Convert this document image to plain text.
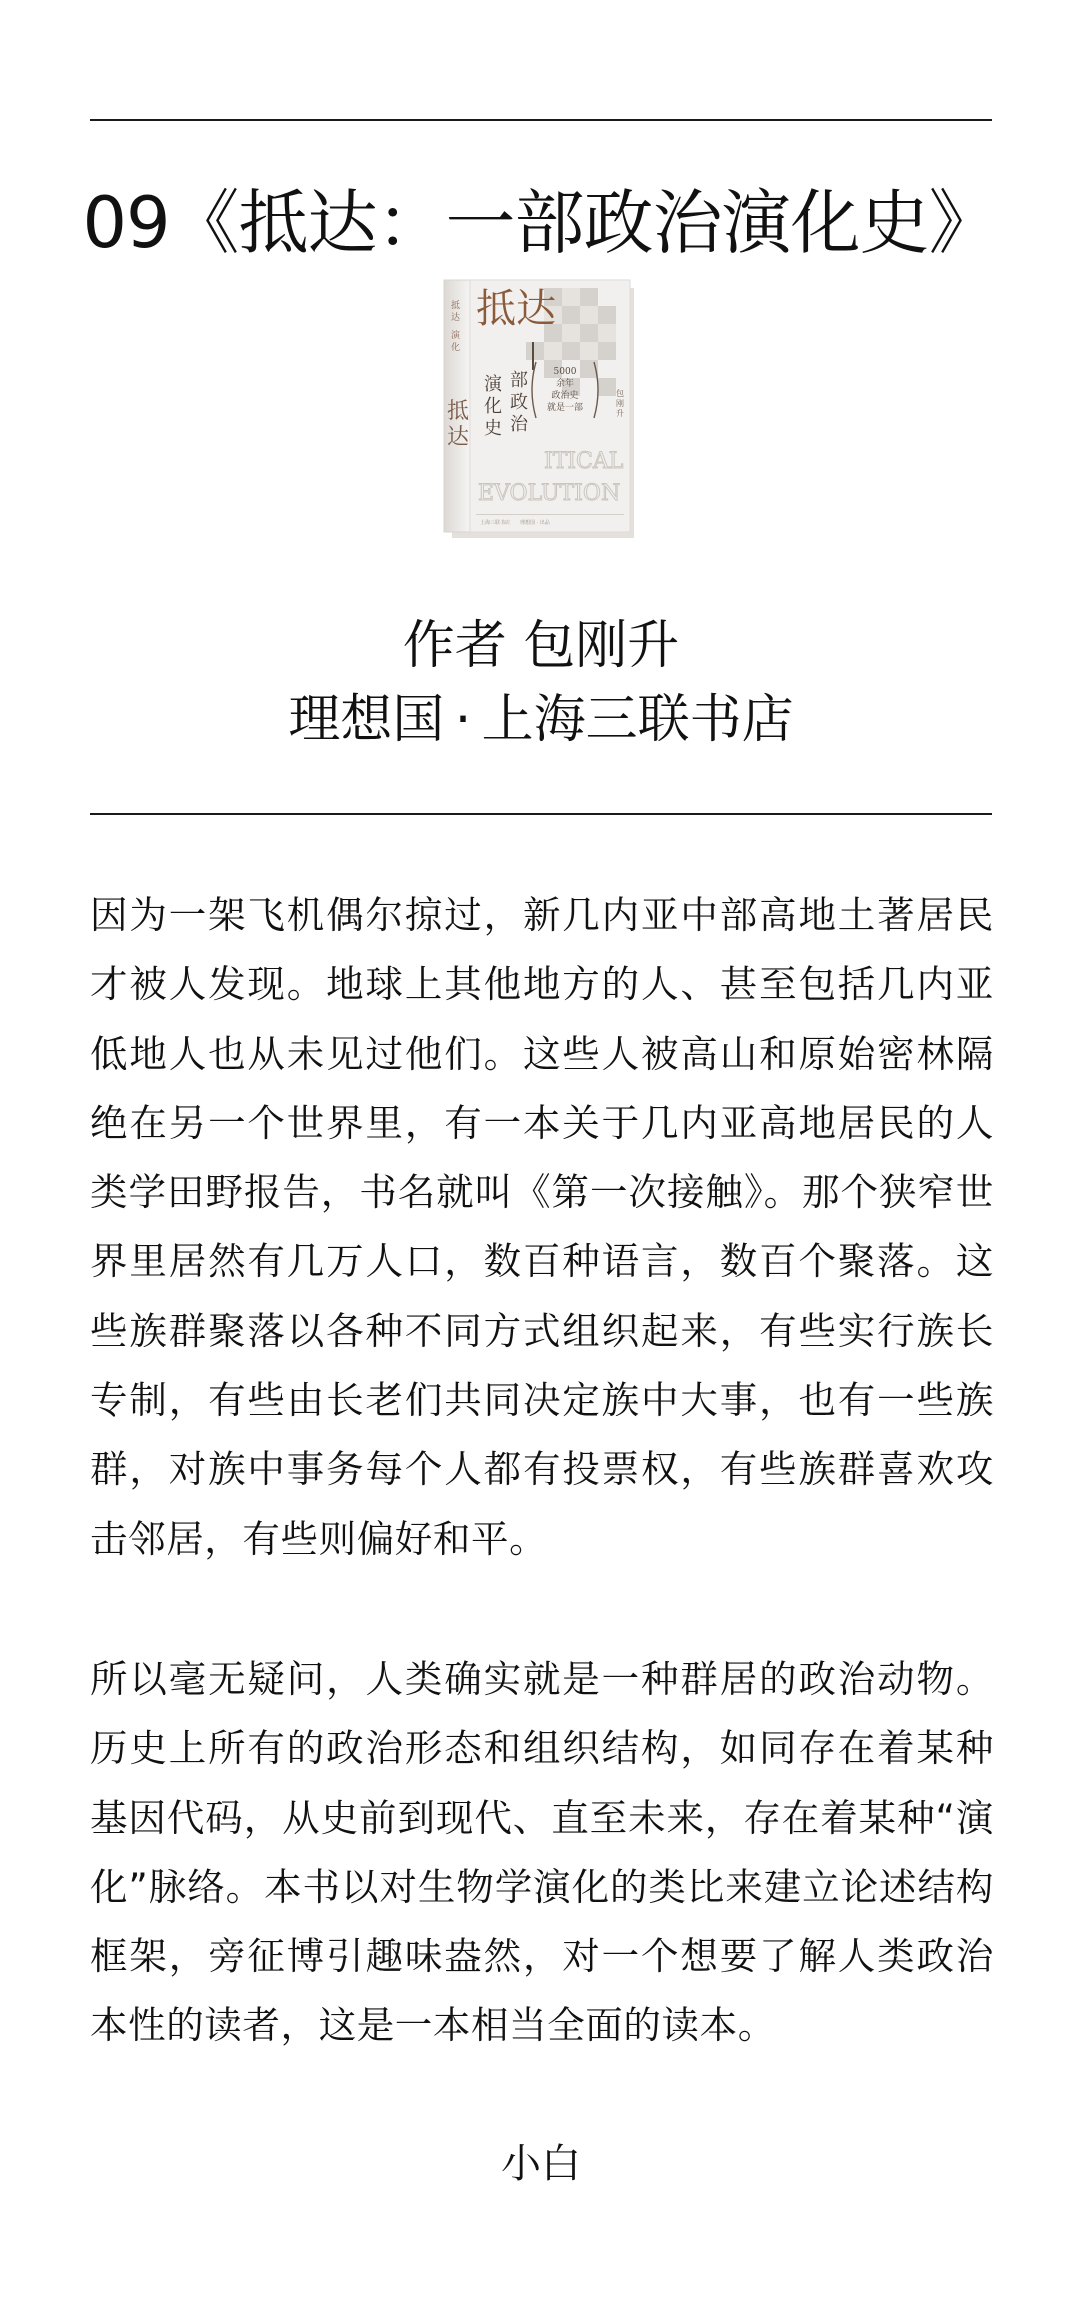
09《抵达：一部政治演化史》
抵
达
演
化
抵
达
抵达
部
政
治
演
化
史
5000
余年
政治史
就是一部
包
刚
升
ITICAL
EVOLUTION
上海三联书店 理想国 · 出品
作者 包刚升
理想国 · 上海三联书店

因为一架飞机偶尔掠过，新几内亚中部高地土著居民才被人发现。地球上其他地方的人、甚至包括几内亚低地人也从未见过他们。这些人被高山和原始密林隔绝在另一个世界里，有一本关于几内亚高地居民的人类学田野报告，书名就叫《第一次接触》。那个狭窄世界里居然有几万人口，数百种语言，数百个聚落。这些族群聚落以各种不同方式组织起来，有些实行族长专制，有些由长老们共同决定族中大事，也有一些族群，对族中事务每个人都有投票权，有些族群喜欢攻击邻居，有些则偏好和平。

所以毫无疑问，人类确实就是一种群居的政治动物。历史上所有的政治形态和组织结构，如同存在着某种基因代码，从史前到现代、直至未来，存在着某种“演化”脉络。本书以对生物学演化的类比来建立论述结构框架，旁征博引趣味盎然，对一个想要了解人类政治本性的读者，这是一本相当全面的读本。

小白
